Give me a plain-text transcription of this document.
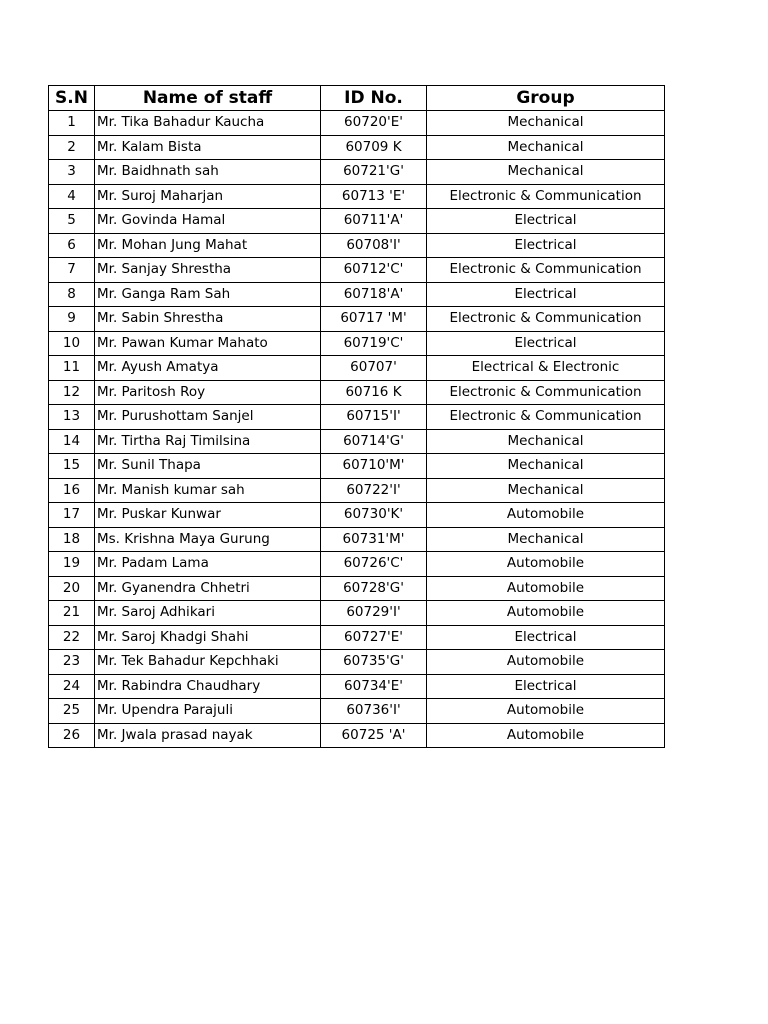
S.N	Name of staff	ID No.	Group
1	Mr. Tika Bahadur Kaucha	60720'E'	Mechanical
2	Mr. Kalam Bista	60709 K	Mechanical
3	Mr. Baidhnath sah	60721'G'	Mechanical
4	Mr. Suroj Maharjan	60713 'E'	Electronic & Communication
5	Mr. Govinda Hamal	60711'A'	Electrical
6	Mr. Mohan Jung Mahat	60708'I'	Electrical
7	Mr. Sanjay Shrestha	60712'C'	Electronic & Communication
8	Mr. Ganga Ram Sah	60718'A'	Electrical
9	Mr. Sabin Shrestha	60717 'M'	Electronic & Communication
10	Mr. Pawan Kumar Mahato	60719'C'	Electrical
11	Mr. Ayush Amatya	60707'	Electrical & Electronic
12	Mr. Paritosh Roy	60716 K	Electronic & Communication
13	Mr. Purushottam Sanjel	60715'I'	Electronic & Communication
14	Mr. Tirtha Raj Timilsina	60714'G'	Mechanical
15	Mr. Sunil Thapa	60710'M'	Mechanical
16	Mr. Manish kumar sah	60722'I'	Mechanical
17	Mr. Puskar Kunwar	60730'K'	Automobile
18	Ms. Krishna Maya Gurung	60731'M'	Mechanical
19	Mr. Padam Lama	60726'C'	Automobile
20	Mr. Gyanendra Chhetri	60728'G'	Automobile
21	Mr. Saroj Adhikari	60729'I'	Automobile
22	Mr. Saroj Khadgi Shahi	60727'E'	Electrical
23	Mr. Tek Bahadur Kepchhaki	60735'G'	Automobile
24	Mr. Rabindra Chaudhary	60734'E'	Electrical
25	Mr. Upendra Parajuli	60736'I'	Automobile
26	Mr. Jwala prasad nayak	60725 'A'	Automobile
